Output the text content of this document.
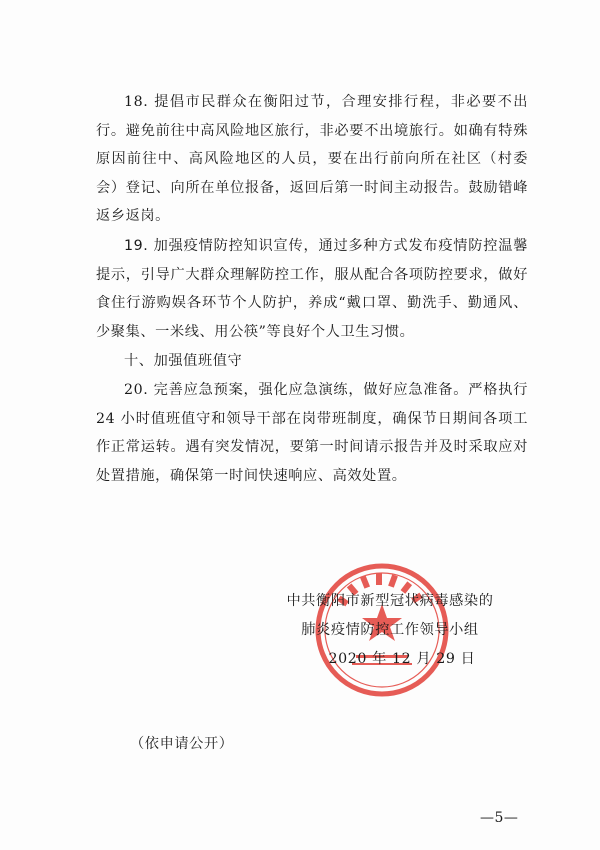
18. 提倡市民群众在衡阳过节，合理安排行程，非必要不出行。避免前往中高风险地区旅行，非必要不出境旅行。如确有特殊原因前往中、高风险地区的人员，要在出行前向所在社区（村委会）登记、向所在单位报备，返回后第一时间主动报告。鼓励错峰返乡返岗。

19. 加强疫情防控知识宣传，通过多种方式发布疫情防控温馨提示，引导广大群众理解防控工作，服从配合各项防控要求，做好食住行游购娱各环节个人防护，养成“戴口罩、勤洗手、勤通风、少聚集、一米线、用公筷”等良好个人卫生习惯。

十、加强值班值守

20. 完善应急预案，强化应急演练，做好应急准备。严格执行 24 小时值班值守和领导干部在岗带班制度，确保节日期间各项工作正常运转。遇有突发情况，要第一时间请示报告并及时采取应对处置措施，确保第一时间快速响应、高效处置。

中共衡阳市新型冠状病毒感染的
肺炎疫情防控工作领导小组
2020 年 12 月 29 日
（依申请公开）
—5—
